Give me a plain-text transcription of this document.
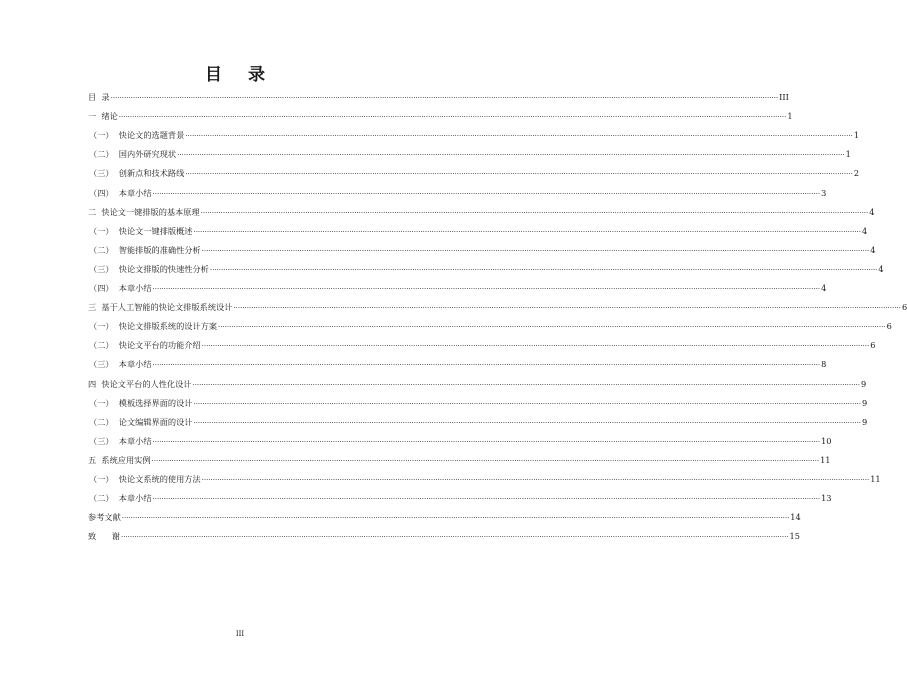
目 录
目  录 ............................................................................................................................................................................................................................................................................................................ III
一  绪论 ............................................................................................................................................................................................................................................................................................................ 1
（一）  快论文的选题背景 ............................................................................................................................................................................................................................................................................................................ 1
（二）  国内外研究现状 ............................................................................................................................................................................................................................................................................................................ 1
（三）  创新点和技术路线 ............................................................................................................................................................................................................................................................................................................ 2
（四）  本章小结 ............................................................................................................................................................................................................................................................................................................ 3
二  快论文一键排版的基本原理 ............................................................................................................................................................................................................................................................................................................ 4
（一）  快论文一键排版概述 ............................................................................................................................................................................................................................................................................................................ 4
（二）  智能排版的准确性分析 ............................................................................................................................................................................................................................................................................................................ 4
（三）  快论文排版的快速性分析 ............................................................................................................................................................................................................................................................................................................ 4
（四）  本章小结 ............................................................................................................................................................................................................................................................................................................ 4
三  基于人工智能的快论文排版系统设计 ............................................................................................................................................................................................................................................................................................................ 6
（一）  快论文排版系统的设计方案 ............................................................................................................................................................................................................................................................................................................ 6
（二）  快论文平台的功能介绍 ............................................................................................................................................................................................................................................................................................................ 6
（三）  本章小结 ............................................................................................................................................................................................................................................................................................................ 8
四  快论文平台的人性化设计 ............................................................................................................................................................................................................................................................................................................ 9
（一）  模板选择界面的设计 ............................................................................................................................................................................................................................................................................................................ 9
（二）  论文编辑界面的设计 ............................................................................................................................................................................................................................................................................................................ 9
（三）  本章小结 ............................................................................................................................................................................................................................................................................................................ 10
五  系统应用实例 ............................................................................................................................................................................................................................................................................................................ 11
（一）  快论文系统的使用方法 ............................................................................................................................................................................................................................................................................................................ 11
（二）  本章小结 ............................................................................................................................................................................................................................................................................................................ 13
参考文献 ............................................................................................................................................................................................................................................................................................................ 14
致      谢 ............................................................................................................................................................................................................................................................................................................ 15
III
